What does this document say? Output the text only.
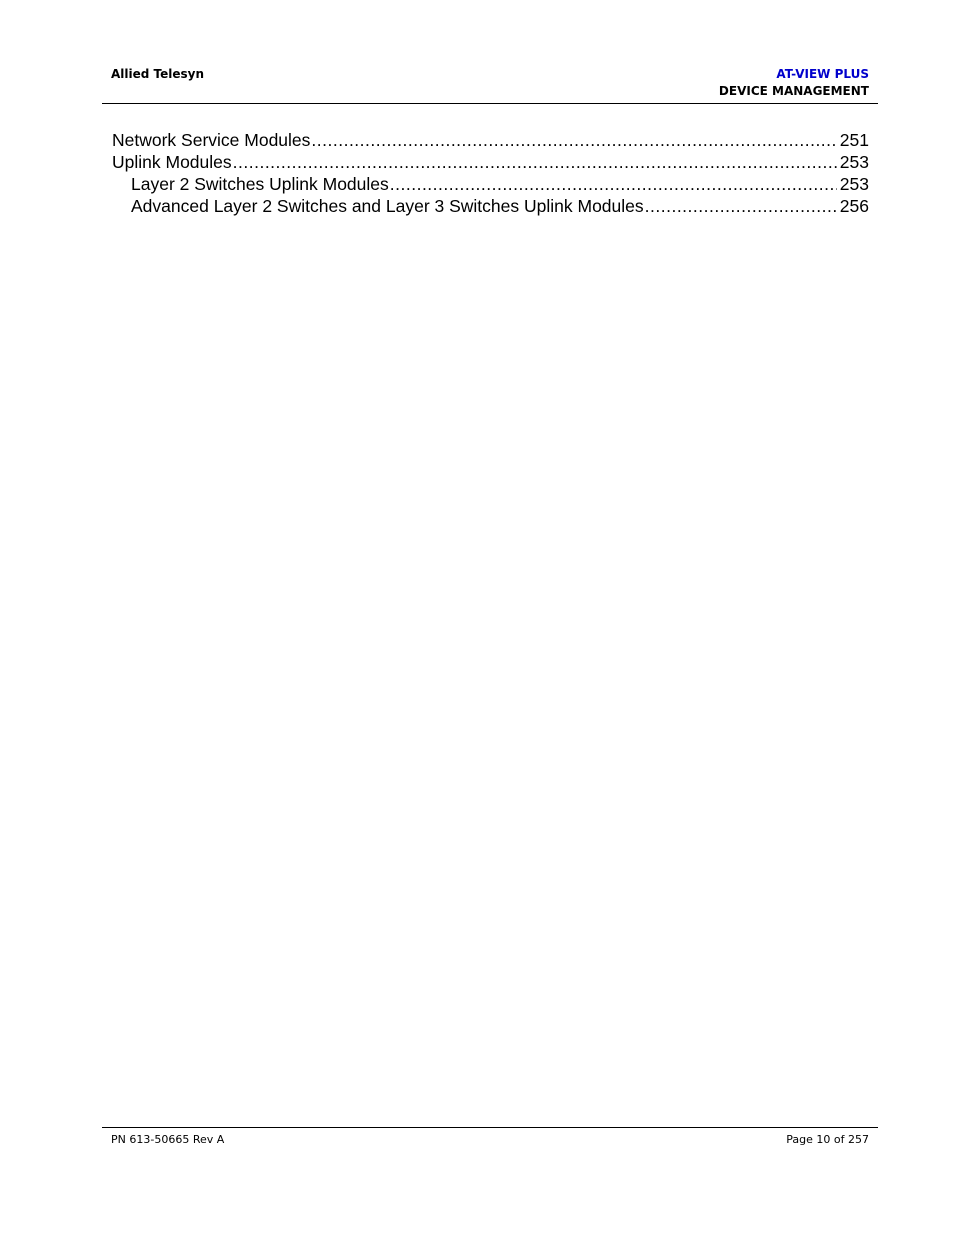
Allied Telesyn	AT-VIEW PLUS
DEVICE MANAGEMENT
Network Service Modules .....	251
Uplink Modules .....	253
Layer 2 Switches Uplink Modules .....	253
Advanced Layer 2 Switches and Layer 3 Switches Uplink Modules .....	256
PN 613-50665 Rev A	Page 10 of 257
